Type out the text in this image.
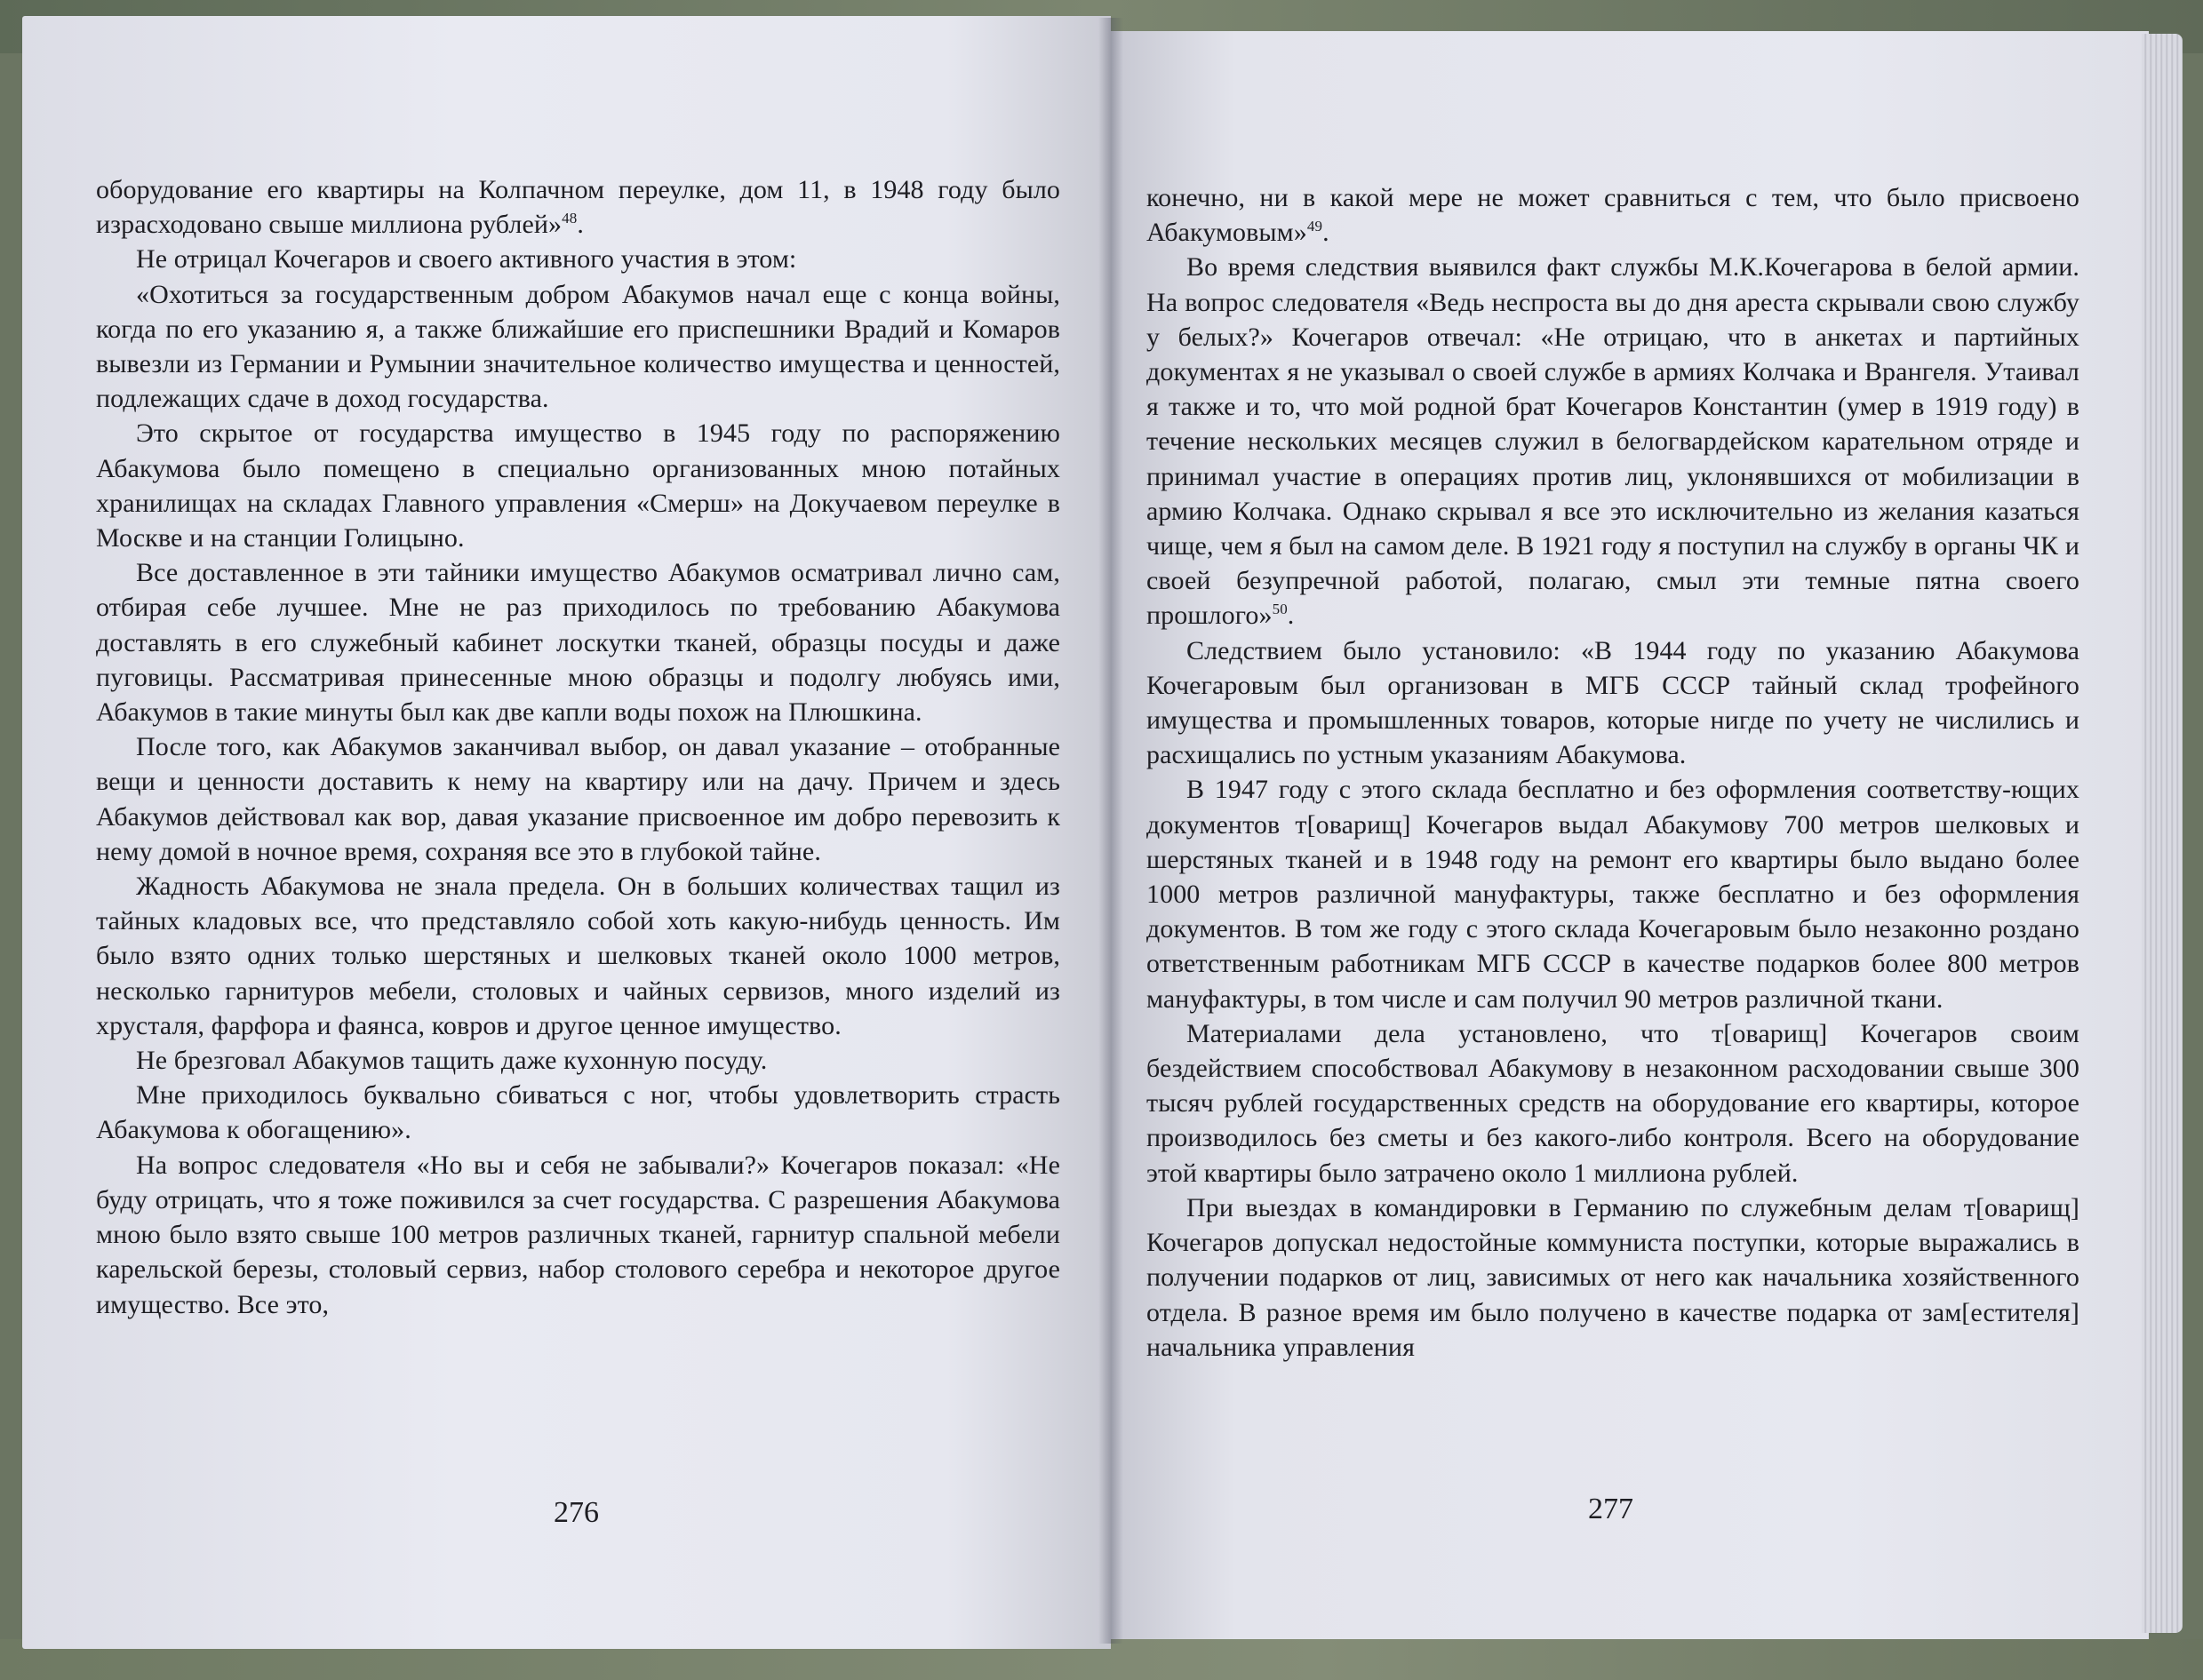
оборудование его квартиры на Колпачном переулке, дом 11, в 1948 году было израсходовано свыше миллиона рублей»$^{48}$.

Не отрицал Кочегаров и своего активного участия в этом:

«Охотиться за государственным добром Абакумов начал еще с конца войны, когда по его указанию я, а также ближайшие его приспешники Врадий и Комаров вывезли из Германии и Румынии значительное количество имущества и ценностей, подлежащих сдаче в доход государства.

Это скрытое от государства имущество в 1945 году по распоряжению Абакумова было помещено в специально организованных мною потайных хранилищах на складах Главного управления «Смерш» на Докучаевом переулке в Москве и на станции Голицыно.

Все доставленное в эти тайники имущество Абакумов осматривал лично сам, отбирая себе лучшее. Мне не раз приходилось по требованию Абакумова доставлять в его служебный кабинет лоскутки тканей, образцы посуды и даже пуговицы. Рассматривая принесенные мною образцы и подолгу любуясь ими, Абакумов в такие минуты был как две капли воды похож на Плюшкина.

После того, как Абакумов заканчивал выбор, он давал указание – отобранные вещи и ценности доставить к нему на квартиру или на дачу. Причем и здесь Абакумов действовал как вор, давая указание присвоенное им добро перевозить к нему домой в ночное время, сохраняя все это в глубокой тайне.

Жадность Абакумова не знала предела. Он в больших количествах тащил из тайных кладовых все, что представляло собой хоть какую-нибудь ценность. Им было взято одних только шерстяных и шелковых тканей около 1000 метров, несколько гарнитуров мебели, столовых и чайных сервизов, много изделий из хрусталя, фарфора и фаянса, ковров и другое ценное имущество.

Не брезговал Абакумов тащить даже кухонную посуду.

Мне приходилось буквально сбиваться с ног, чтобы удовлетворить страсть Абакумова к обогащению».

На вопрос следователя «Но вы и себя не забывали?» Кочегаров показал: «Не буду отрицать, что я тоже поживился за счет государства. С разрешения Абакумова мною было взято свыше 100 метров различных тканей, гарнитур спальной мебели карельской березы, столовый сервиз, набор столового серебра и некоторое другое имущество. Все это,

276

конечно, ни в какой мере не может сравниться с тем, что было присвоено Абакумовым»$^{49}$.

Во время следствия выявился факт службы М.К.Кочегарова в белой армии. На вопрос следователя «Ведь неспроста вы до дня ареста скрывали свою службу у белых?» Кочегаров отвечал: «Не отрицаю, что в анкетах и партийных документах я не указывал о своей службе в армиях Колчака и Врангеля. Утаивал я также и то, что мой родной брат Кочегаров Константин (умер в 1919 году) в течение нескольких месяцев служил в белогвардейском карательном отряде и принимал участие в операциях против лиц, уклонявшихся от мобилизации в армию Колчака. Однако скрывал я все это исключительно из желания казаться чище, чем я был на самом деле. В 1921 году я поступил на службу в органы ЧК и своей безупречной работой, полагаю, смыл эти темные пятна своего прошлого»$^{50}$.

Следствием было установило: «В 1944 году по указанию Абакумова Кочегаровым был организован в МГБ СССР тайный склад трофейного имущества и промышленных товаров, которые нигде по учету не числились и расхищались по устным указаниям Абакумова.

В 1947 году с этого склада бесплатно и без оформления соответству-ющих документов т[оварищ] Кочегаров выдал Абакумову 700 метров шелковых и шерстяных тканей и в 1948 году на ремонт его квартиры было выдано более 1000 метров различной мануфактуры, также бесплатно и без оформления документов. В том же году с этого склада Кочегаровым было незаконно роздано ответственным работникам МГБ СССР в качестве подарков более 800 метров мануфактуры, в том числе и сам получил 90 метров различной ткани.

Материалами дела установлено, что т[оварищ] Кочегаров своим бездействием способствовал Абакумову в незаконном расходовании свыше 300 тысяч рублей государственных средств на оборудование его квартиры, которое производилось без сметы и без какого-либо контроля. Всего на оборудование этой квартиры было затрачено около 1 миллиона рублей.

При выездах в командировки в Германию по служебным делам т[оварищ] Кочегаров допускал недостойные коммуниста поступки, которые выражались в получении подарков от лиц, зависимых от него как начальника хозяйственного отдела. В разное время им было получено в качестве подарка от зам[естителя] начальника управления

277
